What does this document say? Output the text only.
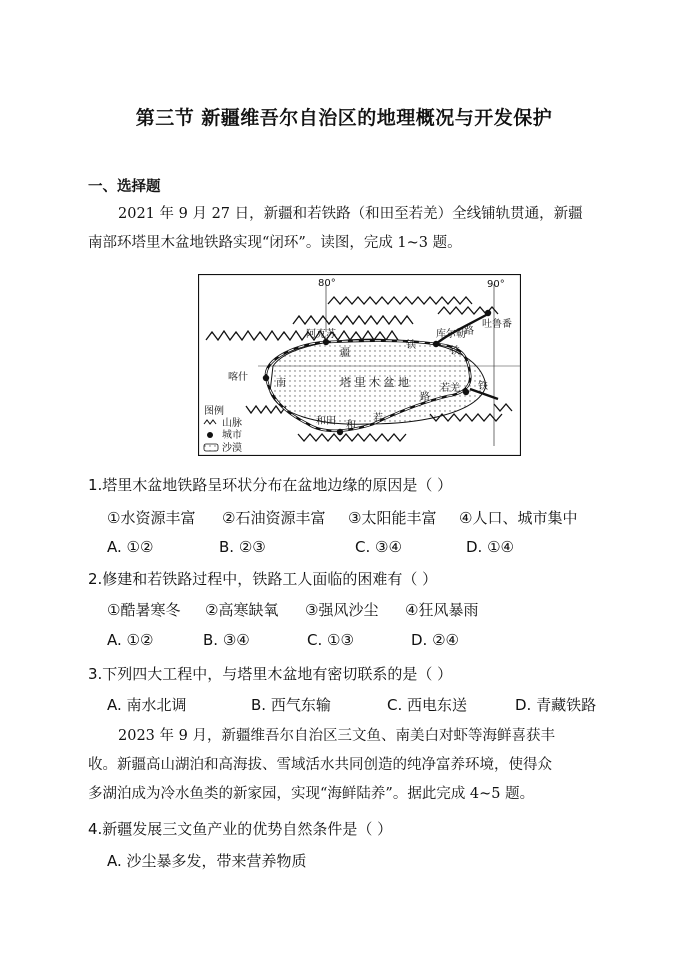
第三节 新疆维吾尔自治区的地理概况与开发保护
一、选择题
2021 年 9 月 27 日，新疆和若铁路（和田至若羌）全线铺轨贯通，新疆
南部环塔里木盆地铁路实现“闭环”。读图，完成 1~3 题。
80°	90°
阿克苏	库尔勒
吐鲁番
喀什
若羌
和田
疆
铁
路
南
铁
路
和
若
铁
塔 里 木 盆 地
图例
山脉
城市
沙漠
1.塔里木盆地铁路呈环状分布在盆地边缘的原因是（ ）
①水资源丰富 ②石油资源丰富 ③太阳能丰富 ④人口、城市集中
A. ①②	B. ②③	C. ③④	D. ①④
2.修建和若铁路过程中，铁路工人面临的困难有（ ）
①酷暑寒冬 ②高寒缺氧 ③强风沙尘 ④狂风暴雨
A. ①②	B. ③④	C. ①③	D. ②④
3.下列四大工程中，与塔里木盆地有密切联系的是（ ）
A. 南水北调	B. 西气东输	C. 西电东送	D. 青藏铁路
2023 年 9 月，新疆维吾尔自治区三文鱼、南美白对虾等海鲜喜获丰
收。新疆高山湖泊和高海拔、雪域活水共同创造的纯净富养环境，使得众
多湖泊成为冷水鱼类的新家园，实现“海鲜陆养”。据此完成 4~5 题。
4.新疆发展三文鱼产业的优势自然条件是（ ）
A. 沙尘暴多发，带来营养物质
